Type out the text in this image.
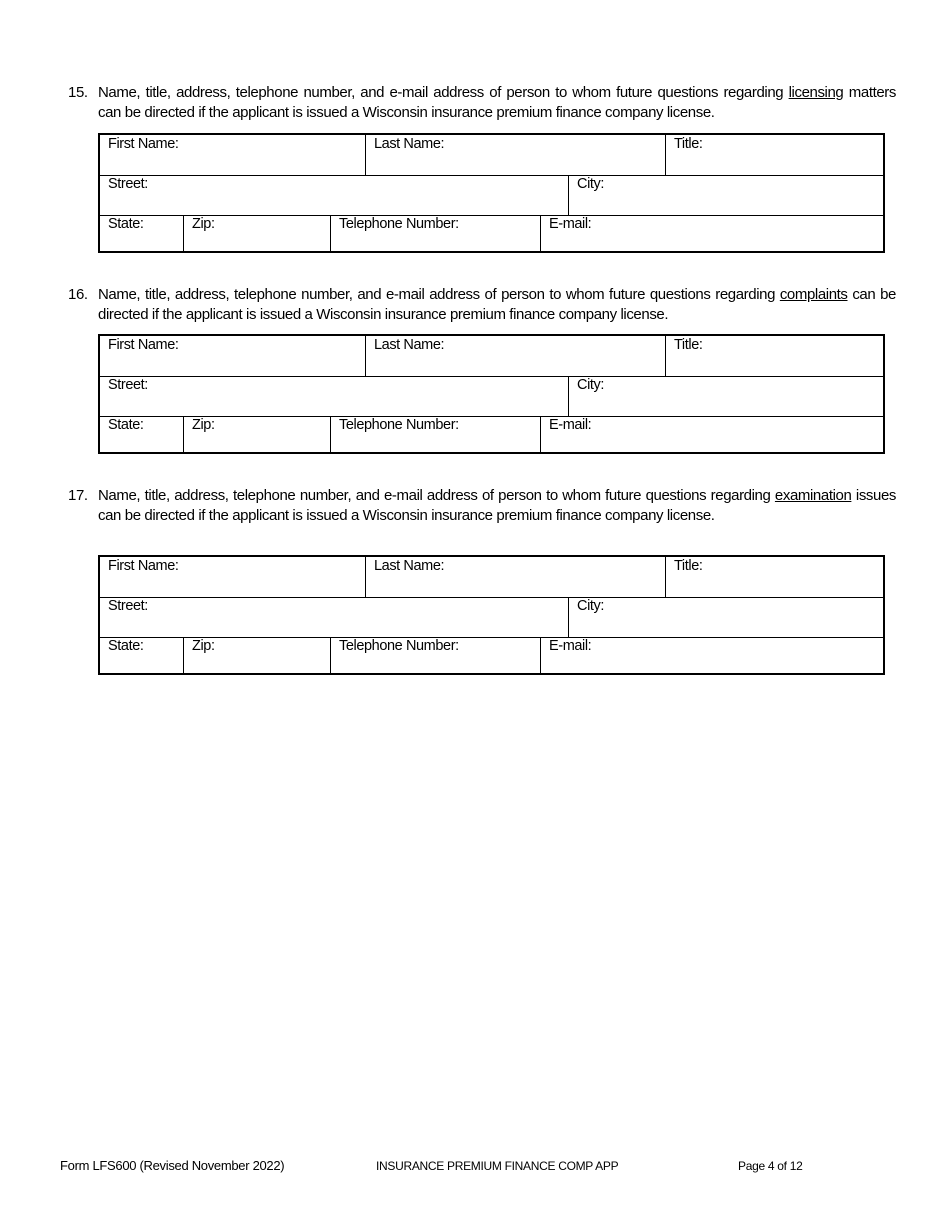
15. Name, title, address, telephone number, and e-mail address of person to whom future questions regarding licensing matters can be directed if the applicant is issued a Wisconsin insurance premium finance company license.

First Name:	Last Name:	Title:
Street:	City:
State:	Zip:	Telephone Number:	E-mail:

16. Name, title, address, telephone number, and e-mail address of person to whom future questions regarding complaints can be directed if the applicant is issued a Wisconsin insurance premium finance company license.

First Name:	Last Name:	Title:
Street:	City:
State:	Zip:	Telephone Number:	E-mail:

17. Name, title, address, telephone number, and e-mail address of person to whom future questions regarding examination issues can be directed if the applicant is issued a Wisconsin insurance premium finance company license.

First Name:	Last Name:	Title:
Street:	City:
State:	Zip:	Telephone Number:	E-mail:
Form LFS600 (Revised November 2022)	INSURANCE PREMIUM FINANCE COMP APP	Page 4 of 12
